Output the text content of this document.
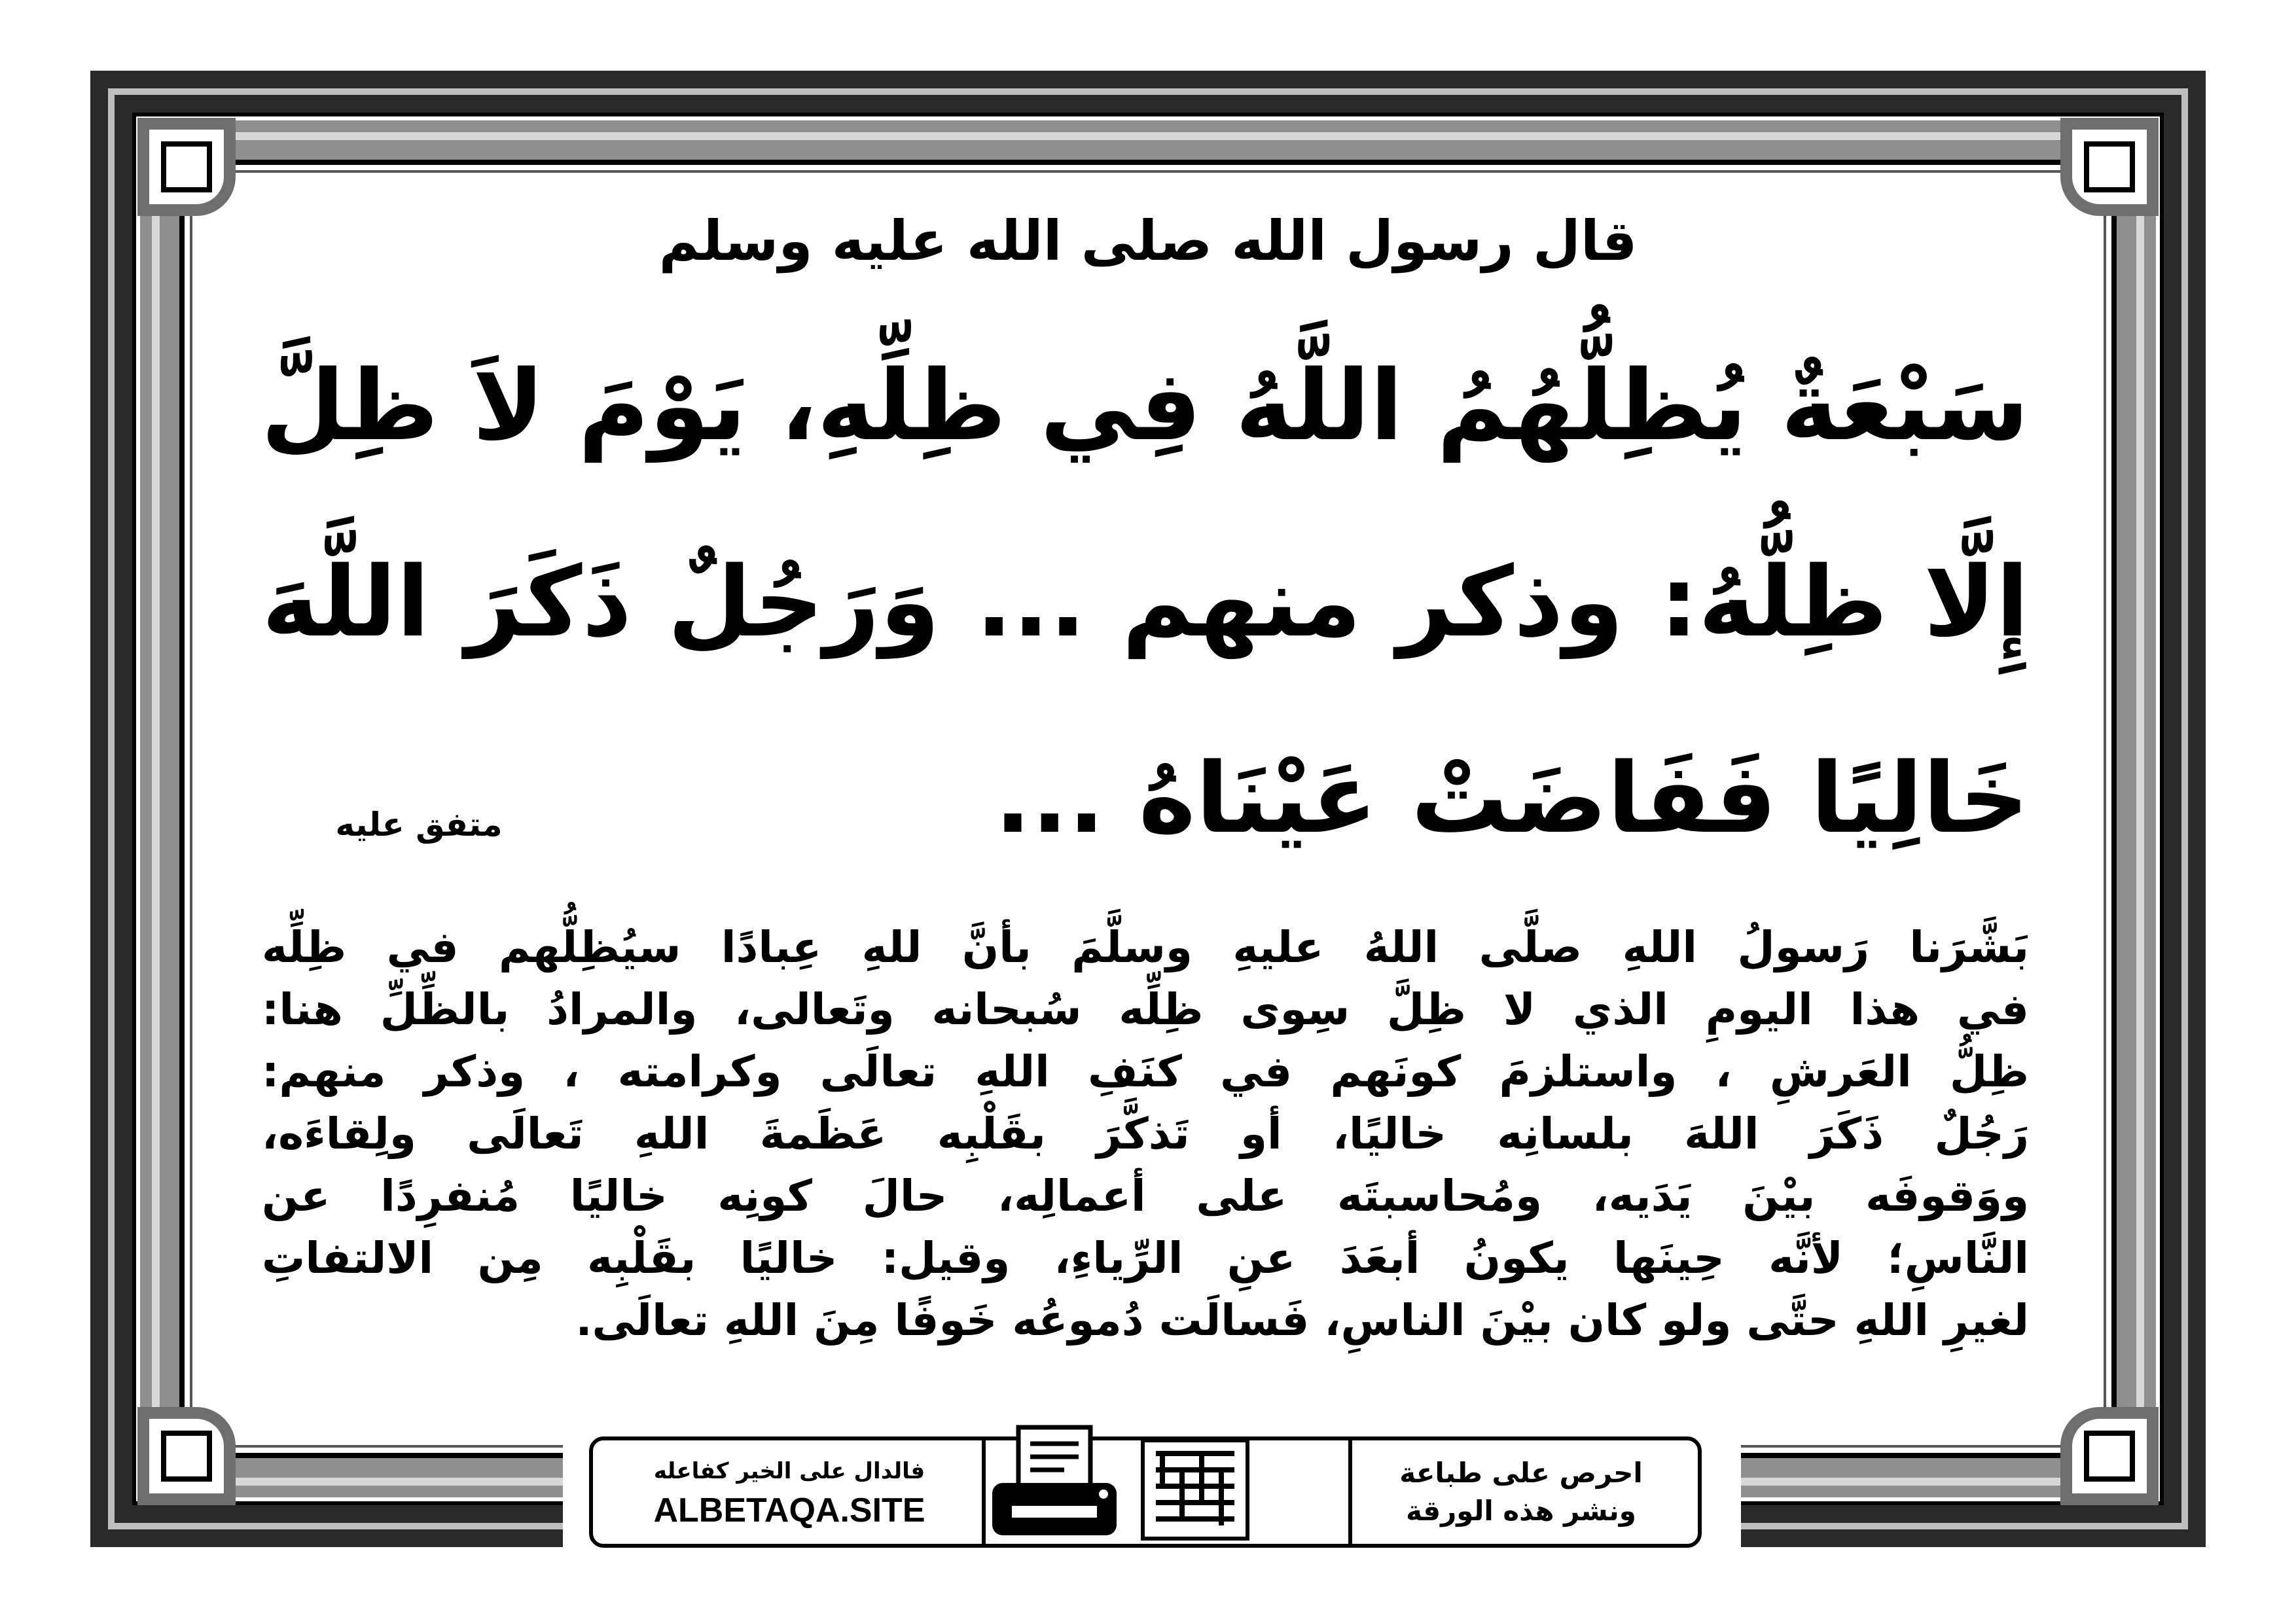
قال رسول الله صلى الله عليه وسلم
سَبْعَةٌ يُظِلُّهُمُ اللَّهُ فِي ظِلِّهِ، يَوْمَ لاَ ظِلَّ
إِلَّا ظِلُّهُ: وذكر منهم ... وَرَجُلٌ ذَكَرَ اللَّهَ
خَالِيًا فَفَاضَتْ عَيْنَاهُ ...
متفق عليه
بَشَّرَنا رَسولُ اللهِ صلَّى اللهُ عليهِ وسلَّمَ بأنَّ للهِ عِبادًا سيُظِلُّهم في ظِلِّه
في هذا اليومِ الذي لا ظِلَّ سِوى ظِلِّه سُبحانه وتَعالى، والمرادُ بالظِّلِّ هنا:
ظِلُّ العَرشِ ، واستلزمَ كونَهم في كنَفِ اللهِ تعالَى وكرامته ، وذكر منهم:
رَجُلٌ ذَكَرَ اللهَ بلسانِه خاليًا، أو تَذكَّرَ بقَلْبِه عَظَمةَ اللهِ تَعالَى ولِقاءَه،
ووَقوفَه بيْنَ يَدَيه، ومُحاسبتَه على أعمالِه، حالَ كونِه خاليًا مُنفرِدًا عن
النَّاسِ؛ لأنَّه حِينَها يكونُ أبعَدَ عنِ الرِّياءِ، وقيل: خاليًا بقَلْبِه مِن الالتفاتِ
لغيرِ اللهِ حتَّى ولو كان بيْنَ الناسِ، فَسالَت دُموعُه خَوفًا مِنَ اللهِ تعالَى.
احرص على طباعة
ونشر هذه الورقة
فالدال على الخير كفاعله
ALBETAQA.SITE
